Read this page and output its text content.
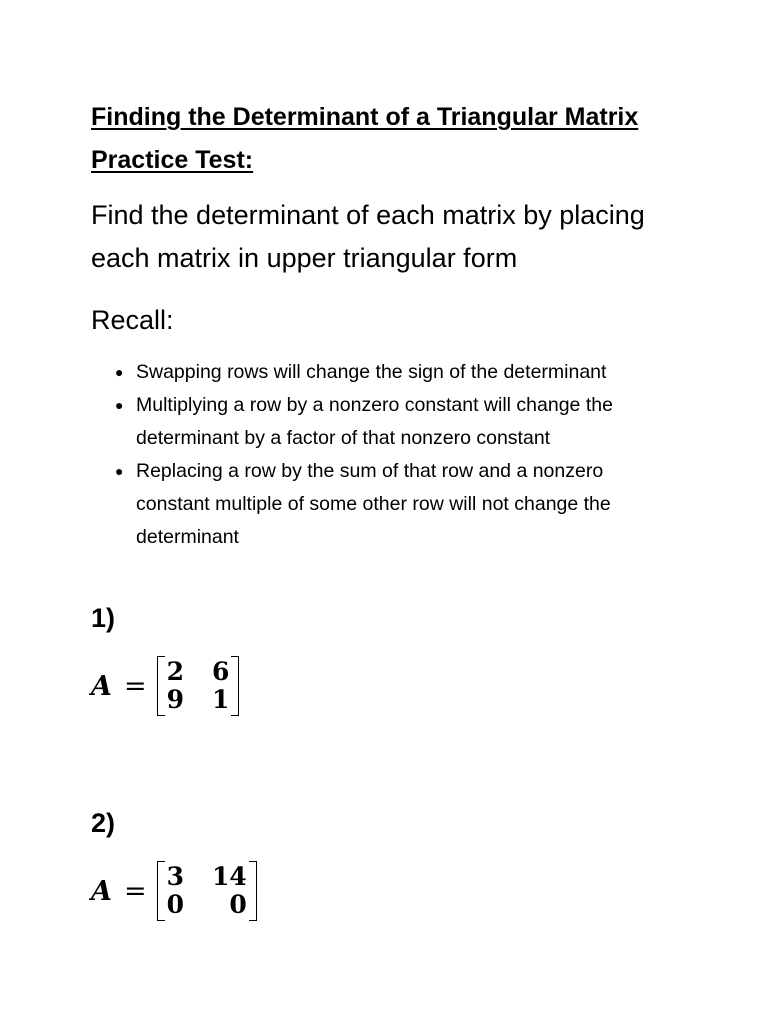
Finding the Determinant of a Triangular Matrix
Practice Test:

Find the determinant of each matrix by placing
each matrix in upper triangular form
Recall:
● Swapping rows will change the sign of the determinant
● Multiplying a row by a nonzero constant will change the
determinant by a factor of that nonzero constant
● Replacing a row by the sum of that row and a nonzero
constant multiple of some other row will not change the
determinant
1)
A = 2 6
9 1
2)
A = 3 14
0	0
